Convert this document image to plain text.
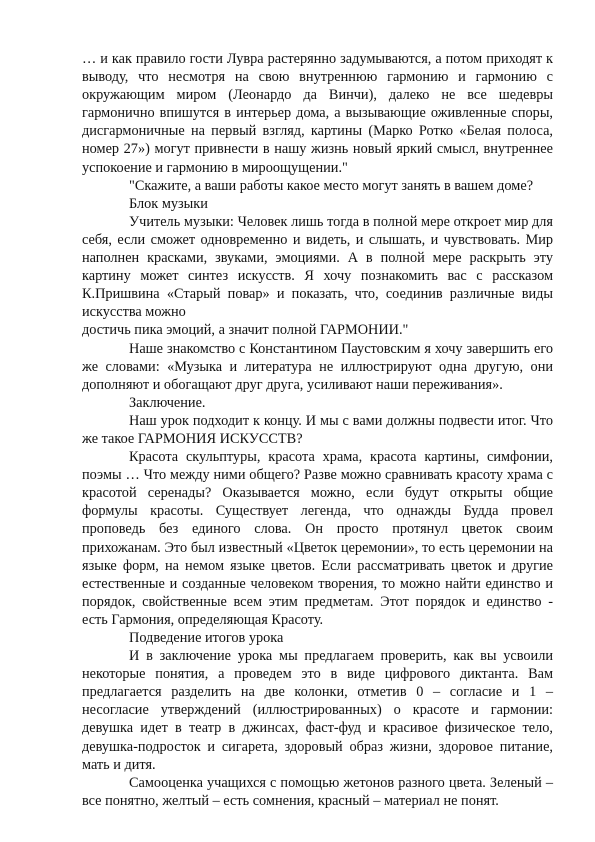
… и как правило гости Лувра растерянно задумываются, а потом приходят к выводу, что несмотря на свою внутреннюю гармонию и гармонию с окружающим миром (Леонардо да Винчи), далеко не все шедевры гармонично впишутся в интерьер дома, а вызывающие оживленные споры, дисгармоничные на первый взгляд, картины (Марко Ротко «Белая полоса, номер 27») могут привнести в нашу жизнь новый яркий смысл, внутреннее успокоение и гармонию в мироощущении."

"Скажите, а ваши работы какое место могут занять в вашем доме?

Блок музыки

Учитель музыки: Человек лишь тогда в полной мере откроет мир для себя, если сможет одновременно и видеть, и слышать, и чувствовать. Мир наполнен красками, звуками, эмоциями. А в полной мере раскрыть эту картину может синтез искусств. Я хочу познакомить вас с рассказом К.Пришвина «Старый повар» и показать, что, соединив различные виды искусства можно

достичь пика эмоций, а значит полной ГАРМОНИИ."

Наше знакомство с Константином Паустовским я хочу завершить его же словами: «Музыка и литература не иллюстрируют одна другую, они дополняют и обогащают друг друга, усиливают наши переживания».

Заключение.

Наш урок подходит к концу. И мы с вами должны подвести итог. Что же такое ГАРМОНИЯ ИСКУССТВ?

Красота скульптуры, красота храма, красота картины, симфонии, поэмы … Что между ними общего? Разве можно сравнивать красоту храма с красотой серенады? Оказывается можно, если будут открыты общие формулы красоты. Существует легенда, что однажды Будда провел проповедь без единого слова. Он просто протянул цветок своим прихожанам. Это был известный «Цветок церемонии», то есть церемонии на языке форм, на немом языке цветов. Если рассматривать цветок и другие естественные и созданные человеком творения, то можно найти единство и порядок, свойственные всем этим предметам. Этот порядок и единство - есть Гармония, определяющая Красоту.

Подведение итогов урока

И в заключение урока мы предлагаем проверить, как вы усвоили некоторые понятия, а проведем это в виде цифрового диктанта. Вам предлагается разделить на две колонки, отметив 0 – согласие и 1 – несогласие утверждений (иллюстрированных) о красоте и гармонии: девушка идет в театр в джинсах, фаст-фуд и красивое физическое тело, девушка-подросток и сигарета, здоровый образ жизни, здоровое питание, мать и дитя.

Самооценка учащихся с помощью жетонов разного цвета. Зеленый – все понятно, желтый – есть сомнения, красный – материал не понят.
